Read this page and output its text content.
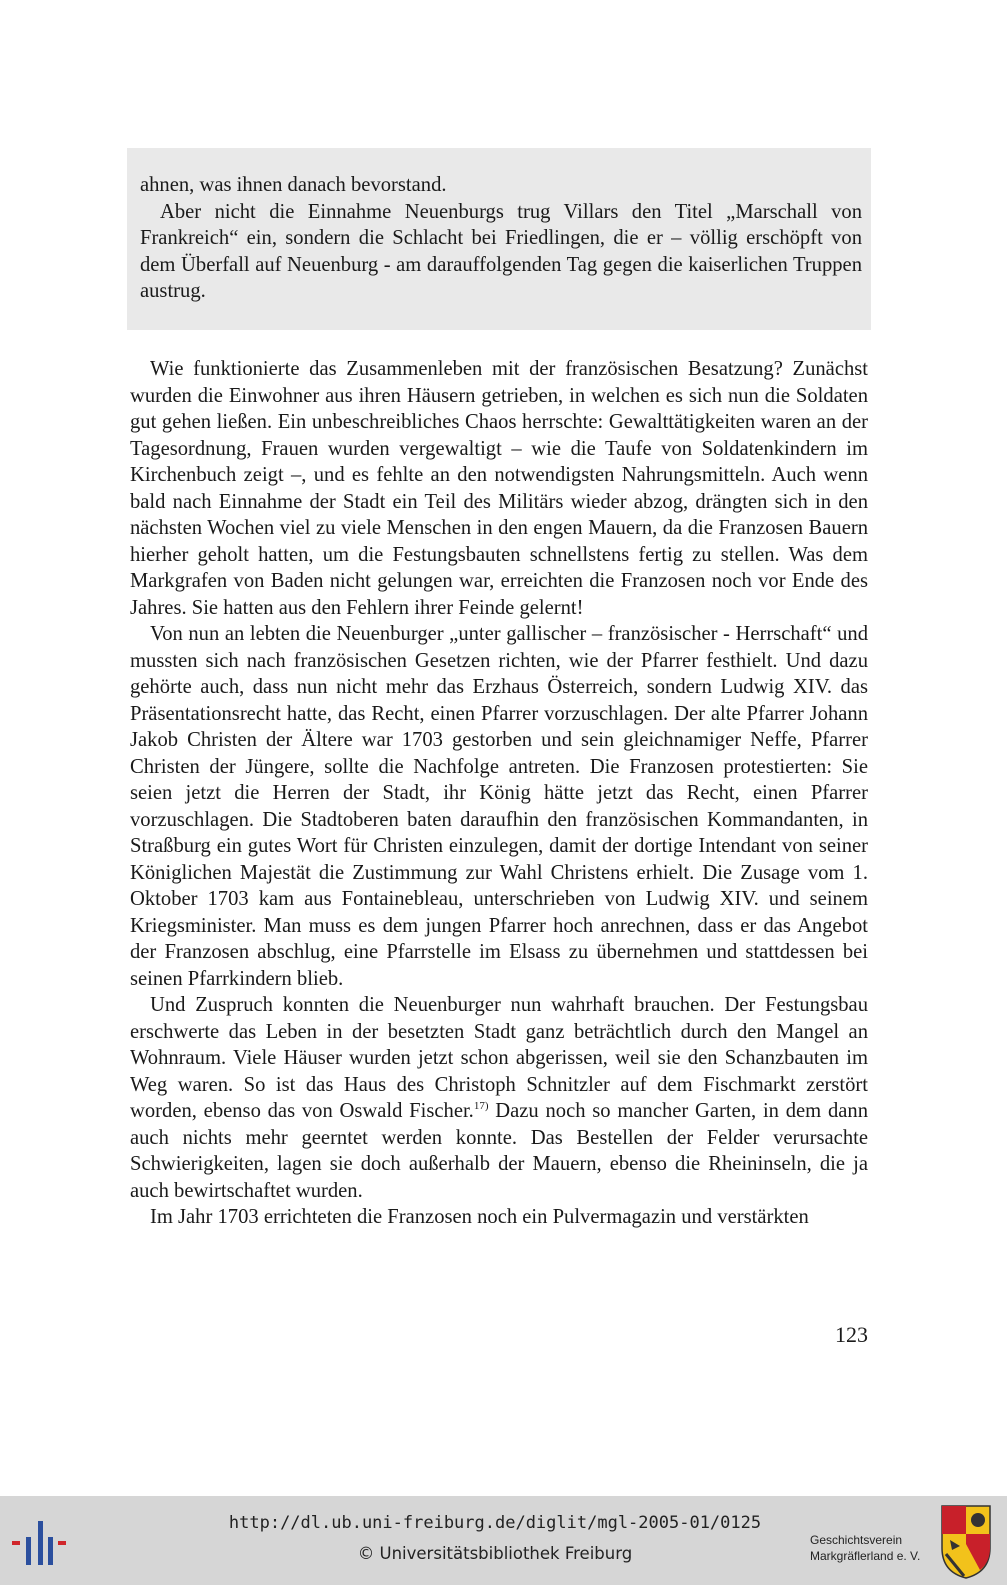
ahnen, was ihnen danach bevorstand.

Aber nicht die Einnahme Neuenburgs trug Villars den Titel „Marschall von Frankreich“ ein, sondern die Schlacht bei Friedlingen, die er – völlig erschöpft von dem Überfall auf Neuenburg - am darauffolgenden Tag gegen die kaiserlichen Truppen austrug.

Wie funktionierte das Zusammenleben mit der französischen Besatzung? Zunächst wurden die Einwohner aus ihren Häusern getrieben, in welchen es sich nun die Soldaten gut gehen ließen. Ein unbeschreibliches Chaos herrschte: Gewalttätigkeiten waren an der Tagesordnung, Frauen wurden vergewaltigt – wie die Taufe von Soldatenkindern im Kirchenbuch zeigt –, und es fehlte an den notwendigsten Nahrungsmitteln. Auch wenn bald nach Einnahme der Stadt ein Teil des Militärs wieder abzog, drängten sich in den nächsten Wochen viel zu viele Menschen in den engen Mauern, da die Franzosen Bauern hierher geholt hatten, um die Festungsbauten schnellstens fertig zu stellen. Was dem Markgrafen von Baden nicht gelungen war, erreichten die Franzosen noch vor Ende des Jahres. Sie hatten aus den Fehlern ihrer Feinde gelernt!

Von nun an lebten die Neuenburger „unter gallischer – französischer - Herrschaft“ und mussten sich nach französischen Gesetzen richten, wie der Pfarrer festhielt. Und dazu gehörte auch, dass nun nicht mehr das Erzhaus Österreich, sondern Ludwig XIV. das Präsentationsrecht hatte, das Recht, einen Pfarrer vorzuschlagen. Der alte Pfarrer Johann Jakob Christen der Ältere war 1703 gestorben und sein gleichnamiger Neffe, Pfarrer Christen der Jüngere, sollte die Nachfolge antreten. Die Franzosen protestierten: Sie seien jetzt die Herren der Stadt, ihr König hätte jetzt das Recht, einen Pfarrer vorzuschlagen. Die Stadtoberen baten daraufhin den französischen Kommandanten, in Straßburg ein gutes Wort für Christen einzulegen, damit der dortige Intendant von seiner Königlichen Majestät die Zustimmung zur Wahl Christens erhielt. Die Zusage vom 1. Oktober 1703 kam aus Fontainebleau, unterschrieben von Ludwig XIV. und seinem Kriegsminister. Man muss es dem jungen Pfarrer hoch anrechnen, dass er das Angebot der Franzosen abschlug, eine Pfarrstelle im Elsass zu übernehmen und stattdessen bei seinen Pfarrkindern blieb.

Und Zuspruch konnten die Neuenburger nun wahrhaft brauchen. Der Festungsbau erschwerte das Leben in der besetzten Stadt ganz beträchtlich durch den Mangel an Wohnraum. Viele Häuser wurden jetzt schon abgerissen, weil sie den Schanzbauten im Weg waren. So ist das Haus des Christoph Schnitzler auf dem Fischmarkt zerstört worden, ebenso das von Oswald Fischer.$^{17)}$ Dazu noch so mancher Garten, in dem dann auch nichts mehr geerntet werden konnte. Das Bestellen der Felder verursachte Schwierigkeiten, lagen sie doch außerhalb der Mauern, ebenso die Rheininseln, die ja auch bewirtschaftet wurden.

Im Jahr 1703 errichteten die Franzosen noch ein Pulvermagazin und verstärkten

123
http://dl.ub.uni-freiburg.de/diglit/mgl-2005-01/0125
© Universitätsbibliothek Freiburg
Geschichtsverein
Markgräflerland e. V.
